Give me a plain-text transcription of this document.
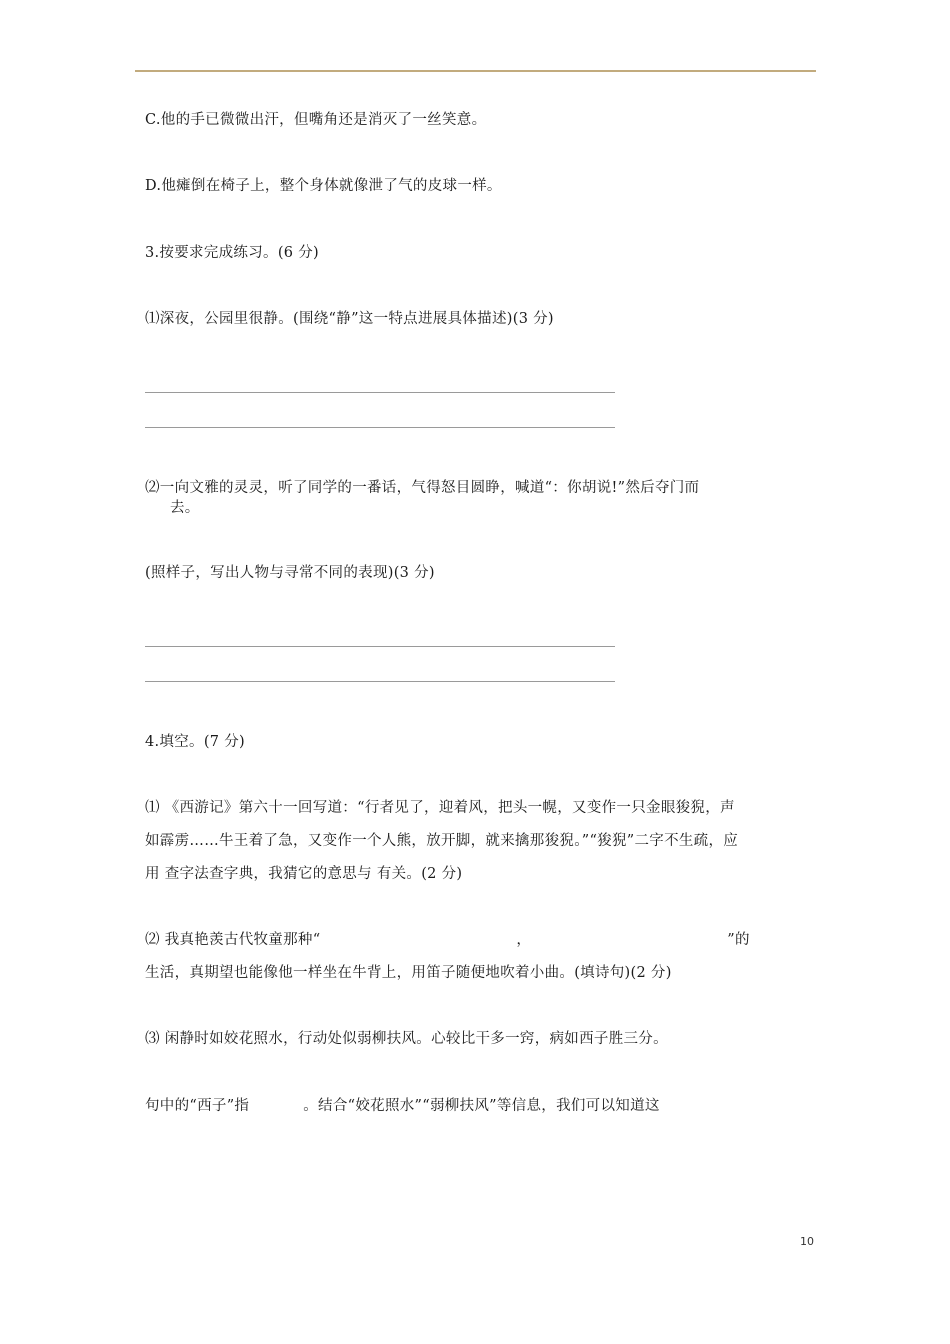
C.他的手已微微出汗，但嘴角还是消灭了一丝笑意。
D.他瘫倒在椅子上，整个身体就像泄了气的皮球一样。
3.按要求完成练习。(6 分)
⑴深夜，公园里很静。(围绕“静”这一特点进展具体描述)(3 分)
⑵一向文雅的灵灵，听了同学的一番话，气得怒目圆睁，喊道“：你胡说!”然后夺门而
去。
(照样子，写出人物与寻常不同的表现)(3 分)
4.填空。(7 分)
⑴ 《西游记》第六十一回写道：“行者见了，迎着风，把头一幌，又变作一只金眼狻猊，声
如霹雳……牛王着了急，又变作一个人熊，放开脚，就来擒那狻猊。”“狻猊”二字不生疏，应
用 查字法查字典，我猜它的意思与 有关。(2 分)
⑵ 我真艳羡古代牧童那种“	，	”的
生活，真期望也能像他一样坐在牛背上，用笛子随便地吹着小曲。(填诗句)(2 分)
⑶ 闲静时如姣花照水，行动处似弱柳扶风。心较比干多一窍，病如西子胜三分。
句中的“西子”指	。结合“姣花照水”“弱柳扶风”等信息，我们可以知道这
10
